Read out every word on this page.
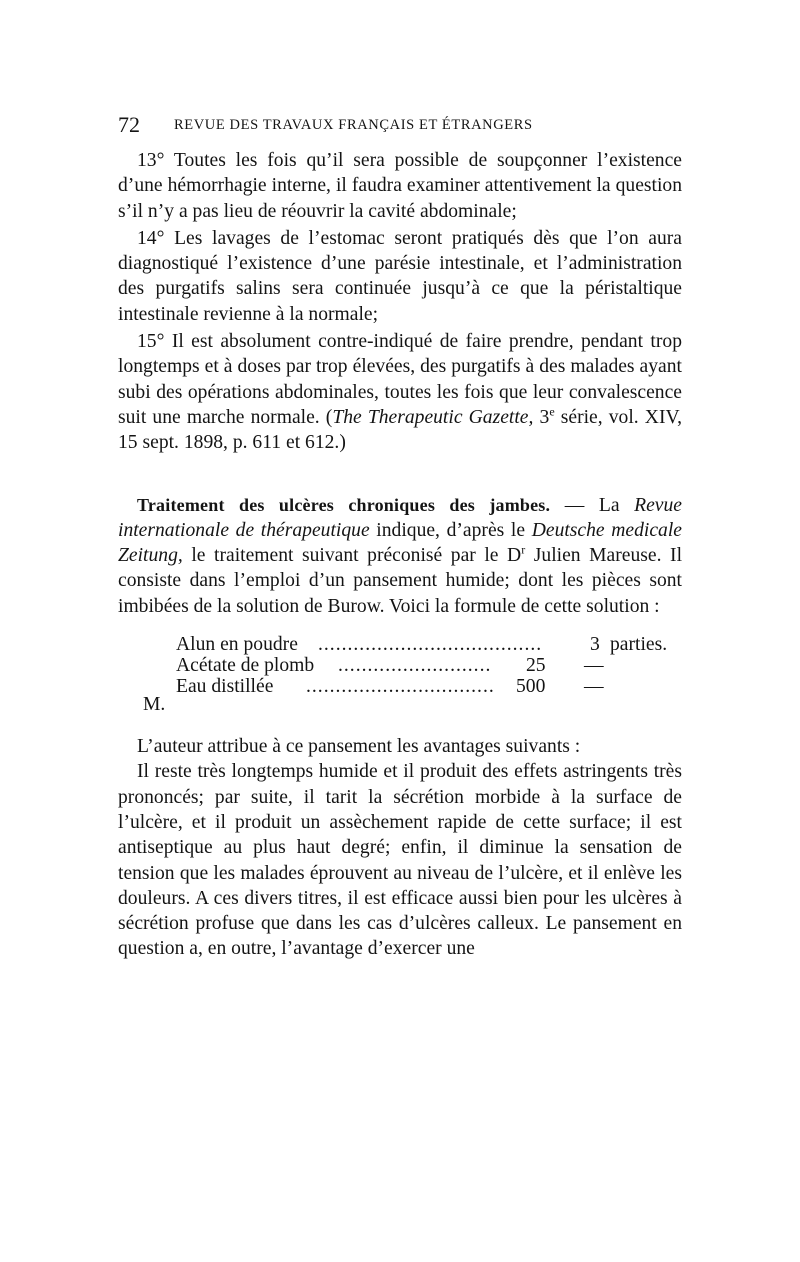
72 REVUE DES TRAVAUX FRANÇAIS ET ÉTRANGERS

13° Toutes les fois qu’il sera possible de soupçonner l’existence d’une hémorrhagie interne, il faudra examiner attentivement la question s’il n’y a pas lieu de réouvrir la cavité abdominale;

14° Les lavages de l’estomac seront pratiqués dès que l’on aura diagnostiqué l’existence d’une parésie intestinale, et l’administration des purgatifs salins sera continuée jusqu’à ce que la péristaltique intestinale revienne à la normale;

15° Il est absolument contre-indiqué de faire prendre, pendant trop longtemps et à doses par trop élevées, des purgatifs à des malades ayant subi des opérations abdominales, toutes les fois que leur convalescence suit une marche normale. (The Therapeutic Gazette, 3e série, vol. XIV, 15 sept. 1898, p. 611 et 612.)

Traitement des ulcères chroniques des jambes. — La Revue internationale de thérapeutique indique, d’après le Deutsche medicale Zeitung, le traitement suivant préconisé par le $D^r$ Julien Mareuse. Il consiste dans l’emploi d’un pansement humide; dont les pièces sont imbibées de la solution de Burow. Voici la formule de cette solution :

Alun en poudre ...................................... 3 parties.
Acétate de plomb ..........................	25 —
Eau distillée ................................ 500 —
M.

L’auteur attribue à ce pansement les avantages suivants :

Il reste très longtemps humide et il produit des effets astringents très prononcés; par suite, il tarit la sécrétion morbide à la surface de l’ulcère, et il produit un assèchement rapide de cette surface; il est antiseptique au plus haut degré; enfin, il diminue la sensation de tension que les malades éprouvent au niveau de l’ulcère, et il enlève les douleurs. A ces divers titres, il est efficace aussi bien pour les ulcères à sécrétion profuse que dans les cas d’ulcères calleux. Le pansement en question a, en outre, l’avantage d’exercer une
